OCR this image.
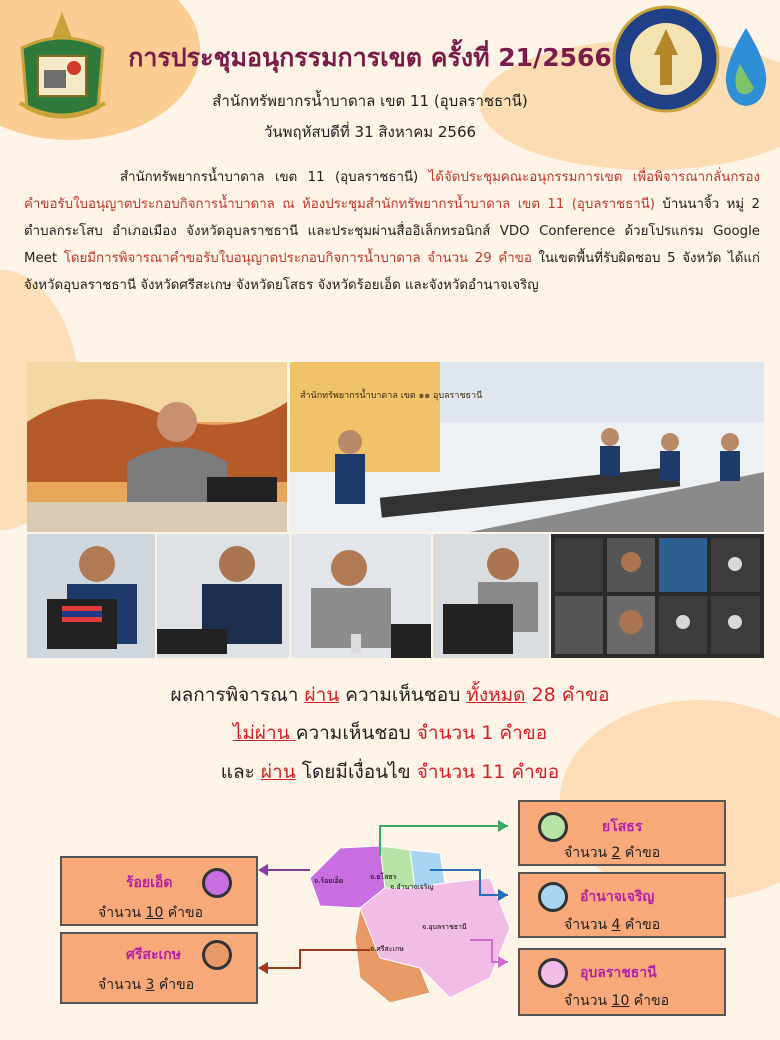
การประชุมอนุกรรมการเขต ครั้งที่ 21/2566
สำนักทรัพยากรน้ำบาดาล เขต 11 (อุบลราชธานี)
วันพฤหัสบดีที่ 31 สิงหาคม 2566
สำนักทรัพยากรน้ำบาดาล เขต 11 (อุบลราชธานี) ได้จัดประชุมคณะอนุกรรมการเขต เพื่อพิจารณากลั่นกรองคำขอรับใบอนุญาตประกอบกิจการน้ำบาดาล ณ ห้องประชุมสำนักทรัพยากรน้ำบาดาล เขต 11 (อุบลราชธานี) บ้านนาจิ้ว หมู่ 2 ตำบลกระโสบ อำเภอเมือง จังหวัดอุบลราชธานี และประชุมผ่านสื่ออิเล็กทรอนิกส์ VDO Conference ด้วยโปรแกรม Google Meet โดยมีการพิจารณาคำขอรับใบอนุญาตประกอบกิจการน้ำบาดาล จำนวน 29 คำขอ ในเขตพื้นที่รับผิดชอบ 5 จังหวัด ได้แก่ จังหวัดอุบลราชธานี จังหวัดศรีสะเกษ จังหวัดยโสธร จังหวัดร้อยเอ็ด และจังหวัดอำนาจเจริญ
สำนักทรัพยากรน้ำบาดาล เขต ๑๑ อุบลราชธานี
ผลการพิจารณา ผ่าน ความเห็นชอบ ทั้งหมด 28 คำขอ
ไม่ผ่าน ความเห็นชอบ จำนวน 1 คำขอ
และ ผ่าน โดยมีเงื่อนไข จำนวน 11 คำขอ
จ.ร้อยเอ็ด	จ.ยโสธร
จ.อำนาจเจริญ
จ.อุบลราชธานี
จ.ศรีสะเกษ
ยโสธร
จำนวน 2 คำขอ
อำนาจเจริญ
จำนวน 4 คำขอ
อุบลราชธานี
จำนวน 10 คำขอ
ร้อยเอ็ด
จำนวน 10 คำขอ
ศรีสะเกษ
จำนวน 3 คำขอ
